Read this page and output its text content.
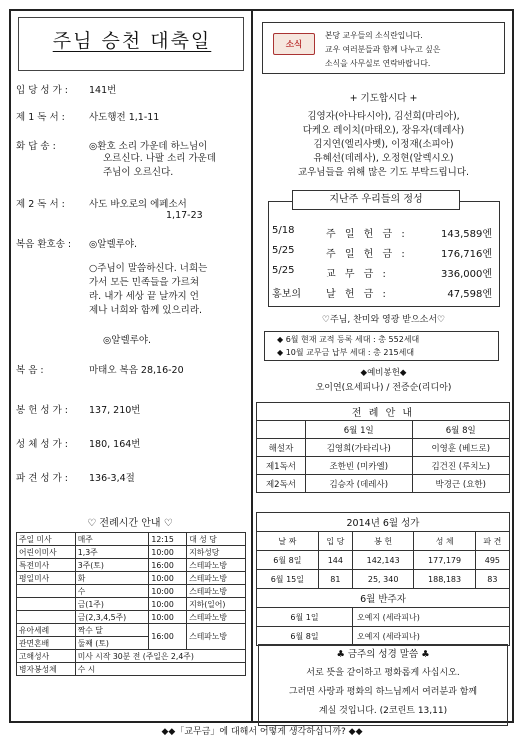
주님 승천 대축일
입 당 성 가 : 141번
제 1 독 서 :	사도행전 1,1-11
화 답 송 :	◎환호 소리 가운데 하느님이
오르신다. 나팔 소리 가운데
주님이 오르신다.
제 2 독 서 :	사도 바오로의 에페소서
1,17-23
복음 환호송 : ◎알렐루야.
○주님이 말씀하신다. 너희는
가서 모든 민족들을 가르쳐
라. 내가 세상 끝 날까지 언
제나 너희와 함께 있으리라.
◎알렐루야.
복 음 :	마태오 복음 28,16-20
봉 헌 성 가 : 137, 210번
성 체 성 가 : 180, 164번
파 견 성 가 : 136-3,4절
♡ 전례시간 안내 ♡
주일 미사	매주	12:15	대 성 당
어린이미사	1,3주	10:00	지하성당
특전미사	3주(토)	16:00	스테파노방
평일미사	화	10:00	스테파노방
	수	10:00	스테파노방
	금(1주)	10:00	지하(일어)
	금(2,3,4,5주)	10:00	스테파노방
유아세례	짝수 달	16:00	스테파노방
관면혼배	둘째 (토)		
고해성사	미사 시작 30분 전 (주일은 2,4주)		
병자봉성체	수 시		
소식
본당 교우들의 소식란입니다.
교우 여러분들과 함께 나누고 싶은
소식을 사무실로 연락바랍니다.
+ 기도합시다 +
김영자(아나타시아), 김선희(마리아),
다케오 레이치(마태오), 장유자(데레사)
김지연(엘리사벳), 이정재(소피아)
유혜선(데레사), 오정현(알렉시오)
교우님들을 위해 많은 기도 부탁드립니다.
지난주 우리들의 정성
5/18	주 일 헌 금 :	143,589엔
5/25	주 일 헌 금 :	176,716엔
5/25	교 무 금 :	336,000엔
홍보의	날 헌 금 :	47,598엔
♡주님, 찬미와 영광 받으소서♡
◆ 6월 현재 교적 등록 세대 : 총 552세대
◆ 10월 교무금 납부 세대 : 총 215세대
◆예비봉헌◆
오이연(요세피나) / 전증순(리디아)
전 례 안 내		
	6월 1일	6월 8일
해설자	김영희(가타리나)	이영훈 (베드로)
제1독서	조한빈 (미카엘)	김건진 (루치노)
제2독서	김승자 (데레사)	박경근 (요한)
2014년 6월 성가				
날 짜	입 당	봉 헌	성 체	파 견
6월 8일	144	142,143	177,179	495
6월 15일	81	25, 340	188,183	83
6월 반주자				
6월 1일		오예지 (세라피나)		
6월 8일		오예지 (세라피나)		
♣ 금주의 성경 말씀 ♣
서로 뜻을 같이하고 평화롭게 사십시오.
그러면 사랑과 평화의 하느님께서 여러분과 함께
계실 것입니다. (2코린트 13,11)
◆◆「교무금」에 대해서 어떻게 생각하십니까? ◆◆
